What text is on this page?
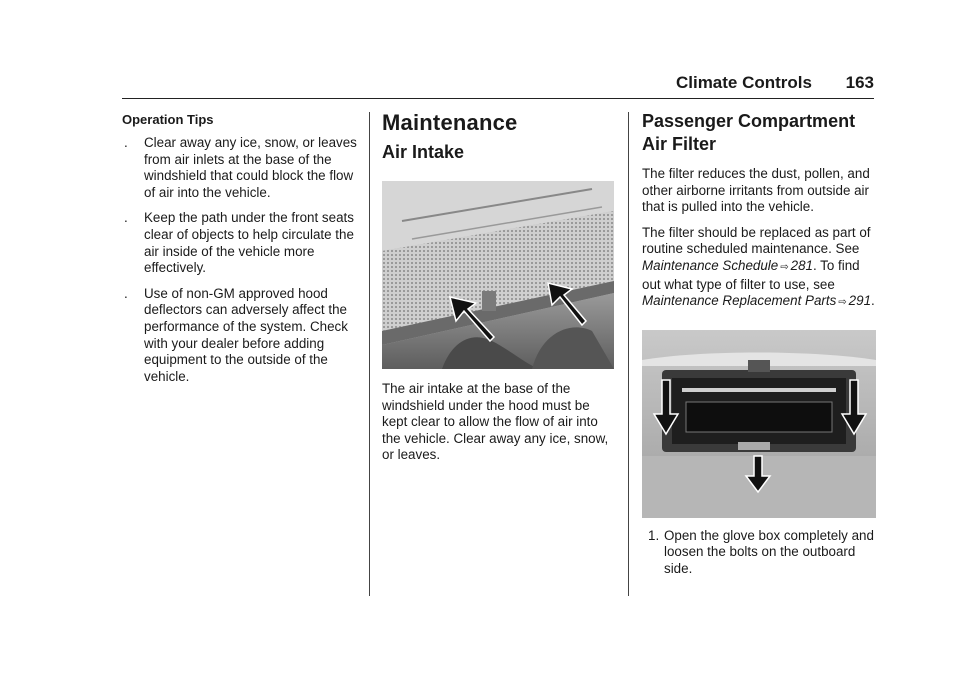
Climate Controls 163
Operation Tips
. Clear away any ice, snow, or leaves from air inlets at the base of the windshield that could block the flow of air into the vehicle.
. Keep the path under the front seats clear of objects to help circulate the air inside of the vehicle more effectively.
. Use of non-GM approved hood deflectors can adversely affect the performance of the system. Check with your dealer before adding equipment to the outside of the vehicle.
Maintenance
Air Intake

The air intake at the base of the windshield under the hood must be kept clear to allow the flow of air into the vehicle. Clear away any ice, snow, or leaves.

Passenger Compartment Air Filter

The filter reduces the dust, pollen, and other airborne irritants from outside air that is pulled into the vehicle.

The filter should be replaced as part of routine scheduled maintenance. See Maintenance Schedule ⇨ 281. To find out what type of filter to use, see Maintenance Replacement Parts ⇨ 291.

1. Open the glove box completely and loosen the bolts on the outboard side.
